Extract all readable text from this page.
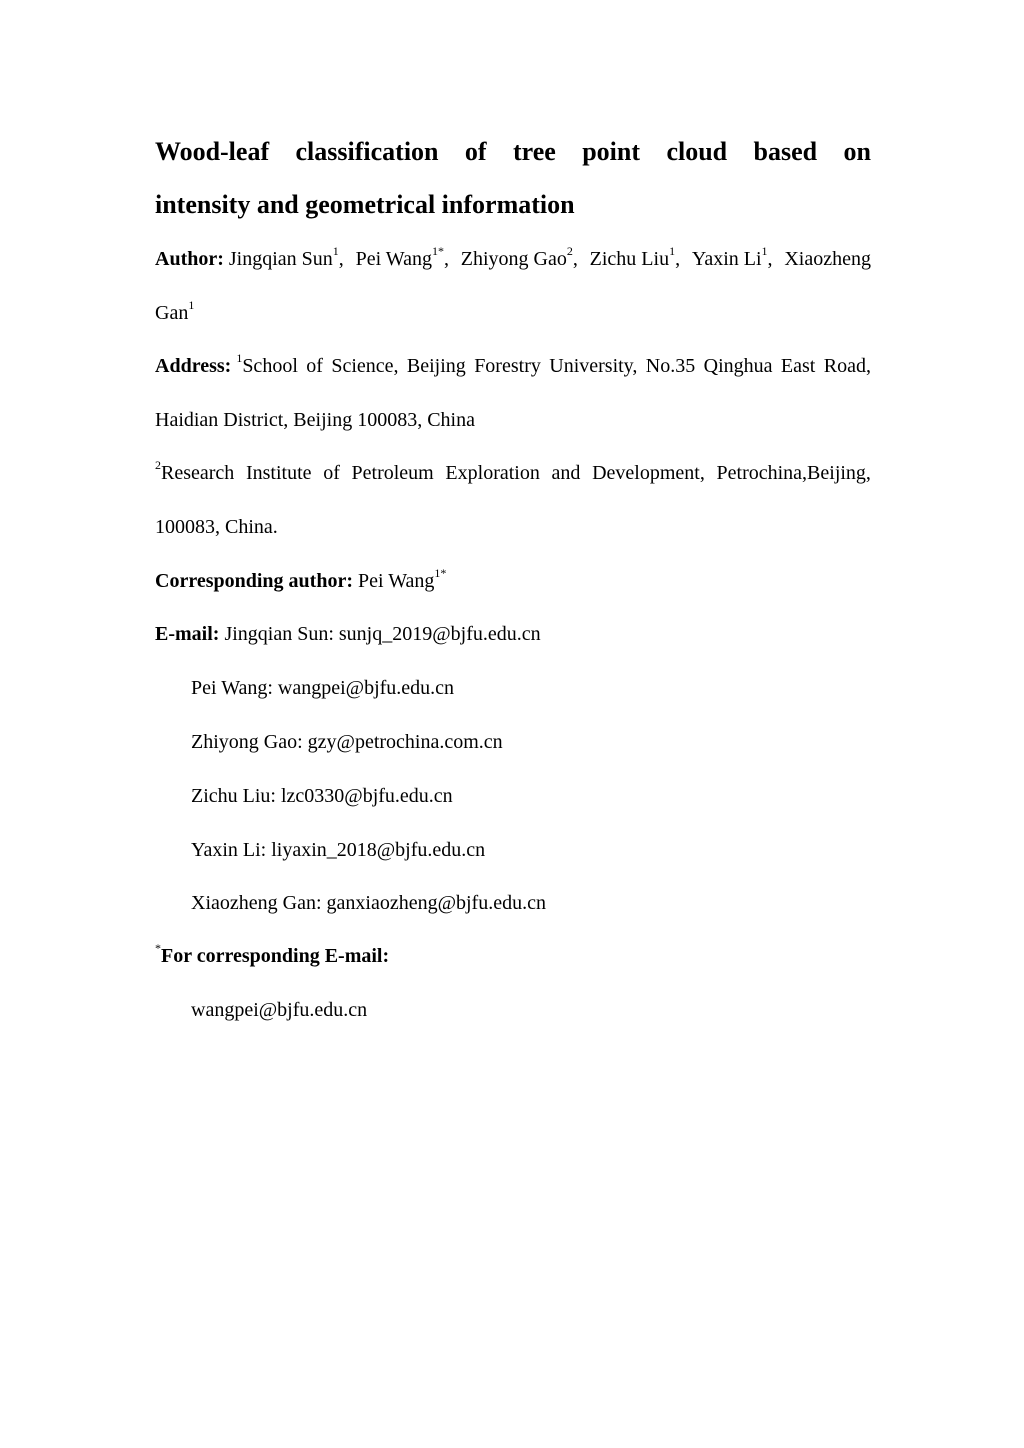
Wood-leaf classification of tree point cloud based on
intensity and geometrical information
Author: Jingqian Sun$^1$, Pei Wang$^{1*}$, Zhiyong Gao$^2$, Zichu Liu$^1$, Yaxin Li$^1$, Xiaozheng
Gan$^1$
Address: $^1$School of Science, Beijing Forestry University, No.35 Qinghua East Road,
Haidian District, Beijing 100083, China
$^2$Research Institute of Petroleum Exploration and Development, Petrochina,Beijing,
100083, China.
Corresponding author: Pei Wang$^{1*}$
E-mail: Jingqian Sun: sunjq_2019@bjfu.edu.cn
Pei Wang: wangpei@bjfu.edu.cn
Zhiyong Gao: gzy@petrochina.com.cn
Zichu Liu: lzc0330@bjfu.edu.cn
Yaxin Li: liyaxin_2018@bjfu.edu.cn
Xiaozheng Gan: ganxiaozheng@bjfu.edu.cn
*For corresponding E-mail:
wangpei@bjfu.edu.cn
